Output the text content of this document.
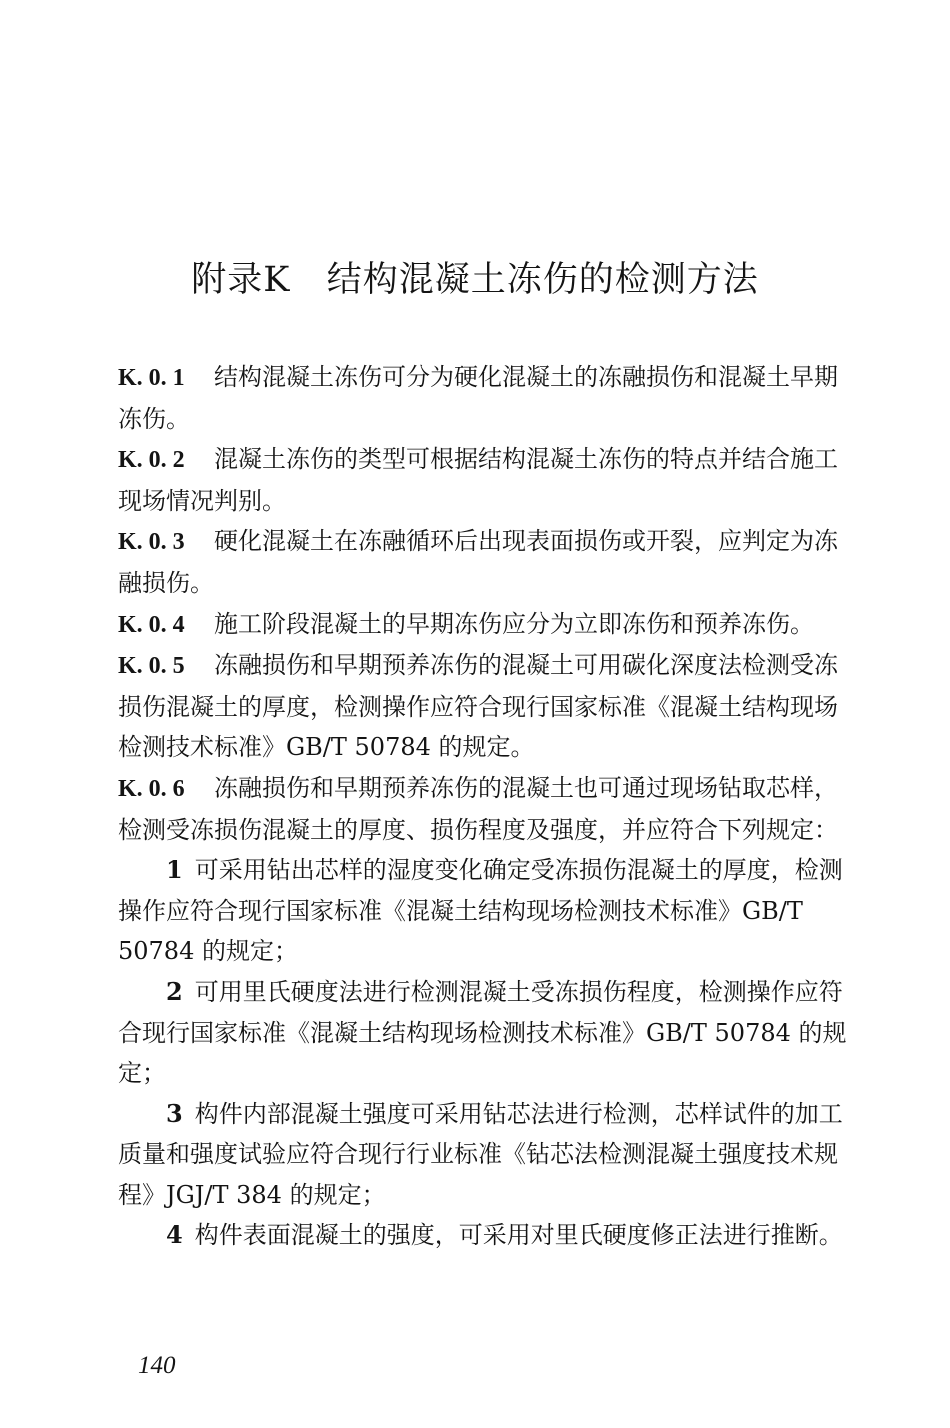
附录K   结构混凝土冻伤的检测方法

K. 0. 1 结构混凝土冻伤可分为硬化混凝土的冻融损伤和混凝土早期冻伤。

K. 0. 2 混凝土冻伤的类型可根据结构混凝土冻伤的特点并结合施工现场情况判别。

K. 0. 3 硬化混凝土在冻融循环后出现表面损伤或开裂，应判定为冻融损伤。

K. 0. 4 施工阶段混凝土的早期冻伤应分为立即冻伤和预养冻伤。

K. 0. 5 冻融损伤和早期预养冻伤的混凝土可用碳化深度法检测受冻损伤混凝土的厚度，检测操作应符合现行国家标准《混凝土结构现场检测技术标准》GB/T 50784 的规定。

K. 0. 6 冻融损伤和早期预养冻伤的混凝土也可通过现场钻取芯样，检测受冻损伤混凝土的厚度、损伤程度及强度，并应符合下列规定：

1 可采用钻出芯样的湿度变化确定受冻损伤混凝土的厚度，检测操作应符合现行国家标准《混凝土结构现场检测技术标准》GB/T 50784 的规定；

2 可用里氏硬度法进行检测混凝土受冻损伤程度，检测操作应符合现行国家标准《混凝土结构现场检测技术标准》GB/T 50784 的规定；

3 构件内部混凝土强度可采用钻芯法进行检测，芯样试件的加工质量和强度试验应符合现行行业标准《钻芯法检测混凝土强度技术规程》JGJ/T 384 的规定；

4 构件表面混凝土的强度，可采用对里氏硬度修正法进行推断。

140
